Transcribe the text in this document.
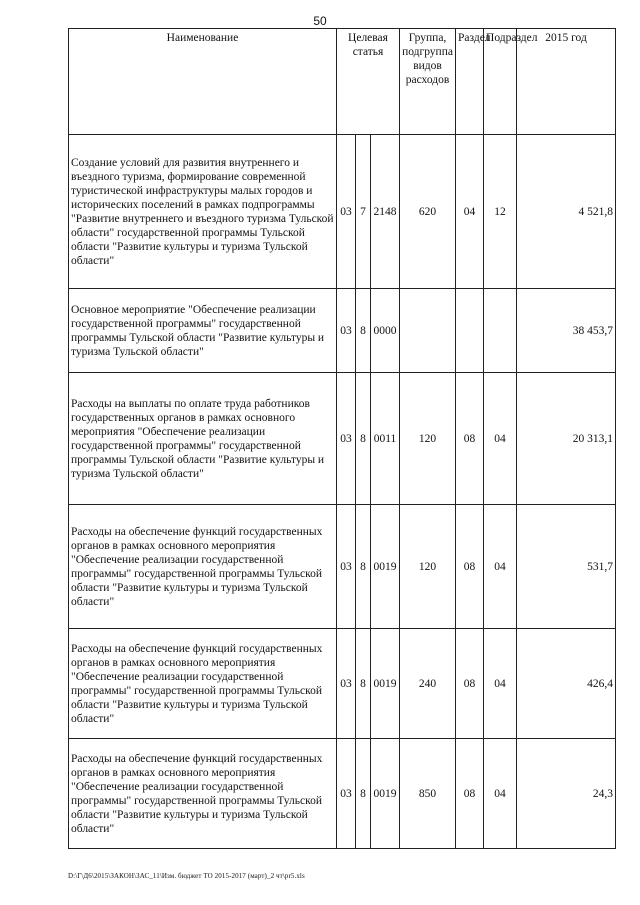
50
Наименование	Целевая статья			Группа, подгруппа видов расходов	Раздел	Подраздел	2015 год
Создание условий для развития внутреннего и въездного туризма, формирование современной туристической инфраструктуры малых городов и исторических поселений в рамках подпрограммы "Развитие внутреннего и въездного туризма Тульской области" государственной программы Тульской области "Развитие культуры и туризма Тульской области"	03	7	2148	620	04	12	4 521,8
Основное мероприятие "Обеспечение реализации государственной программы" государственной программы Тульской области "Развитие культуры и туризма Тульской области"	03	8	0000				38 453,7
Расходы на выплаты по оплате труда работников государственных органов в рамках основного мероприятия "Обеспечение реализации государственной программы" государственной программы Тульской области "Развитие культуры и туризма Тульской области"	03	8	0011	120	08	04	20 313,1
Расходы на обеспечение функций государственных органов в рамках основного мероприятия "Обеспечение реализации государственной программы" государственной программы Тульской области "Развитие культуры и туризма Тульской области"	03	8	0019	120	08	04	531,7
Расходы на обеспечение функций государственных органов в рамках основного мероприятия "Обеспечение реализации государственной программы" государственной программы Тульской области "Развитие культуры и туризма Тульской области"	03	8	0019	240	08	04	426,4
Расходы на обеспечение функций государственных органов в рамках основного мероприятия "Обеспечение реализации государственной программы" государственной программы Тульской области "Развитие культуры и туризма Тульской области"	03	8	0019	850	08	04	24,3
D:\Г\Д6\2015\ЗАКОН\ЗАС_11\Изм. бюджет ТО 2015-2017 (март)_2 чт\pr5.xls
